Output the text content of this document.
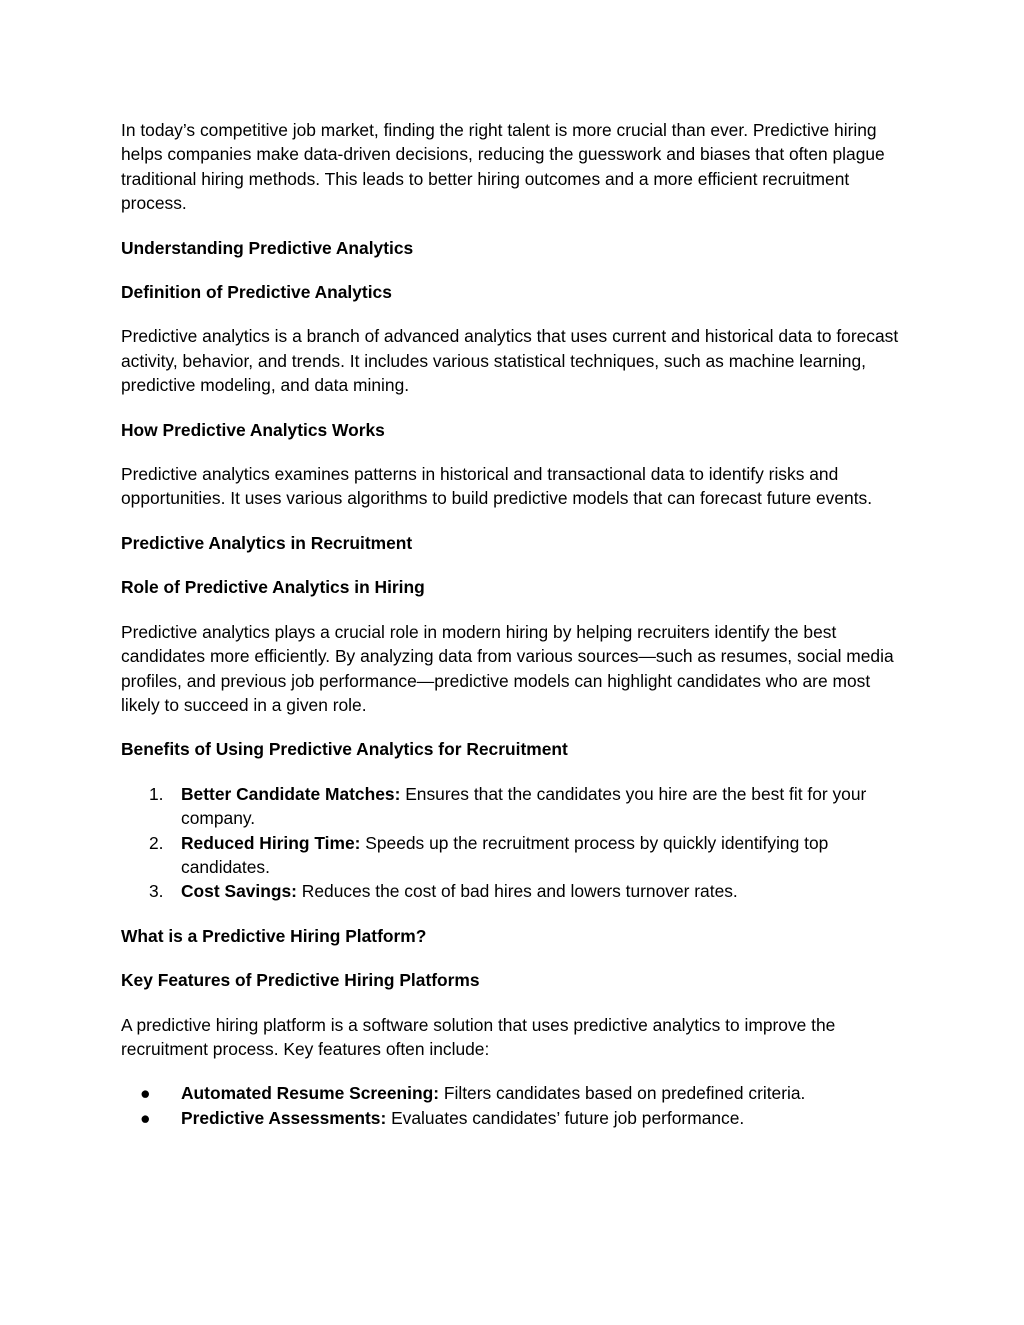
In today’s competitive job market, finding the right talent is more crucial than ever. Predictive hiring helps companies make data-driven decisions, reducing the guesswork and biases that often plague traditional hiring methods. This leads to better hiring outcomes and a more efficient recruitment process.

Understanding Predictive Analytics

Definition of Predictive Analytics

Predictive analytics is a branch of advanced analytics that uses current and historical data to forecast activity, behavior, and trends. It includes various statistical techniques, such as machine learning, predictive modeling, and data mining.

How Predictive Analytics Works

Predictive analytics examines patterns in historical and transactional data to identify risks and opportunities. It uses various algorithms to build predictive models that can forecast future events.

Predictive Analytics in Recruitment

Role of Predictive Analytics in Hiring

Predictive analytics plays a crucial role in modern hiring by helping recruiters identify the best candidates more efficiently. By analyzing data from various sources—such as resumes, social media profiles, and previous job performance—predictive models can highlight candidates who are most likely to succeed in a given role.

Benefits of Using Predictive Analytics for Recruitment

1.	Better Candidate Matches: Ensures that the candidates you hire are the best fit for your company.
2.	Reduced Hiring Time: Speeds up the recruitment process by quickly identifying top candidates.
3.	Cost Savings: Reduces the cost of bad hires and lowers turnover rates.

What is a Predictive Hiring Platform?

Key Features of Predictive Hiring Platforms

A predictive hiring platform is a software solution that uses predictive analytics to improve the recruitment process. Key features often include:

●	Automated Resume Screening: Filters candidates based on predefined criteria.
●	Predictive Assessments: Evaluates candidates’ future job performance.
